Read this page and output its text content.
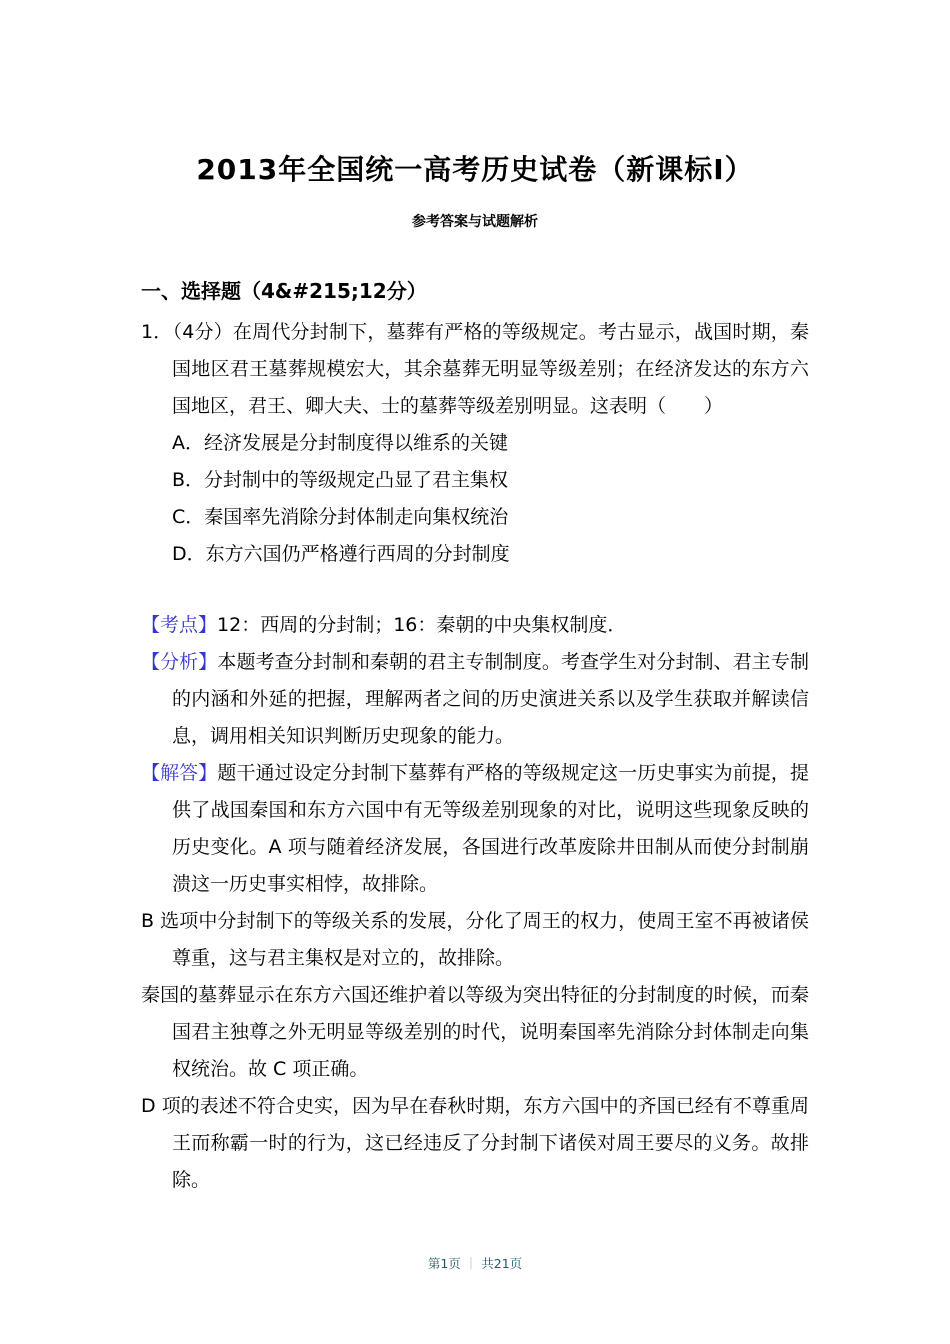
2013年全国统一高考历史试卷（新课标Ⅰ）
参考答案与试题解析
一、选择题（4&#215;12分）

1．（4分）在周代分封制下，墓葬有严格的等级规定。考古显示，战国时期，秦国地区君王墓葬规模宏大，其余墓葬无明显等级差别；在经济发达的东方六国地区，君王、卿大夫、士的墓葬等级差别明显。这表明（　　）

A．经济发展是分封制度得以维系的关键

B．分封制中的等级规定凸显了君主集权

C．秦国率先消除分封体制走向集权统治

D．东方六国仍严格遵行西周的分封制度

【考点】12：西周的分封制；16：秦朝的中央集权制度．

【分析】本题考查分封制和秦朝的君主专制制度。考查学生对分封制、君主专制的内涵和外延的把握，理解两者之间的历史演进关系以及学生获取并解读信息，调用相关知识判断历史现象的能力。

【解答】题干通过设定分封制下墓葬有严格的等级规定这一历史事实为前提，提供了战国秦国和东方六国中有无等级差别现象的对比，说明这些现象反映的历史变化。A 项与随着经济发展，各国进行改革废除井田制从而使分封制崩溃这一历史事实相悖，故排除。

B 选项中分封制下的等级关系的发展，分化了周王的权力，使周王室不再被诸侯尊重，这与君主集权是对立的，故排除。

秦国的墓葬显示在东方六国还维护着以等级为突出特征的分封制度的时候，而秦国君主独尊之外无明显等级差别的时代，说明秦国率先消除分封体制走向集权统治。故 C 项正确。

D 项的表述不符合史实，因为早在春秋时期，东方六国中的齐国已经有不尊重周王而称霸一时的行为，这已经违反了分封制下诸侯对周王要尽的义务。故排除。

第1页 ｜ 共21页
